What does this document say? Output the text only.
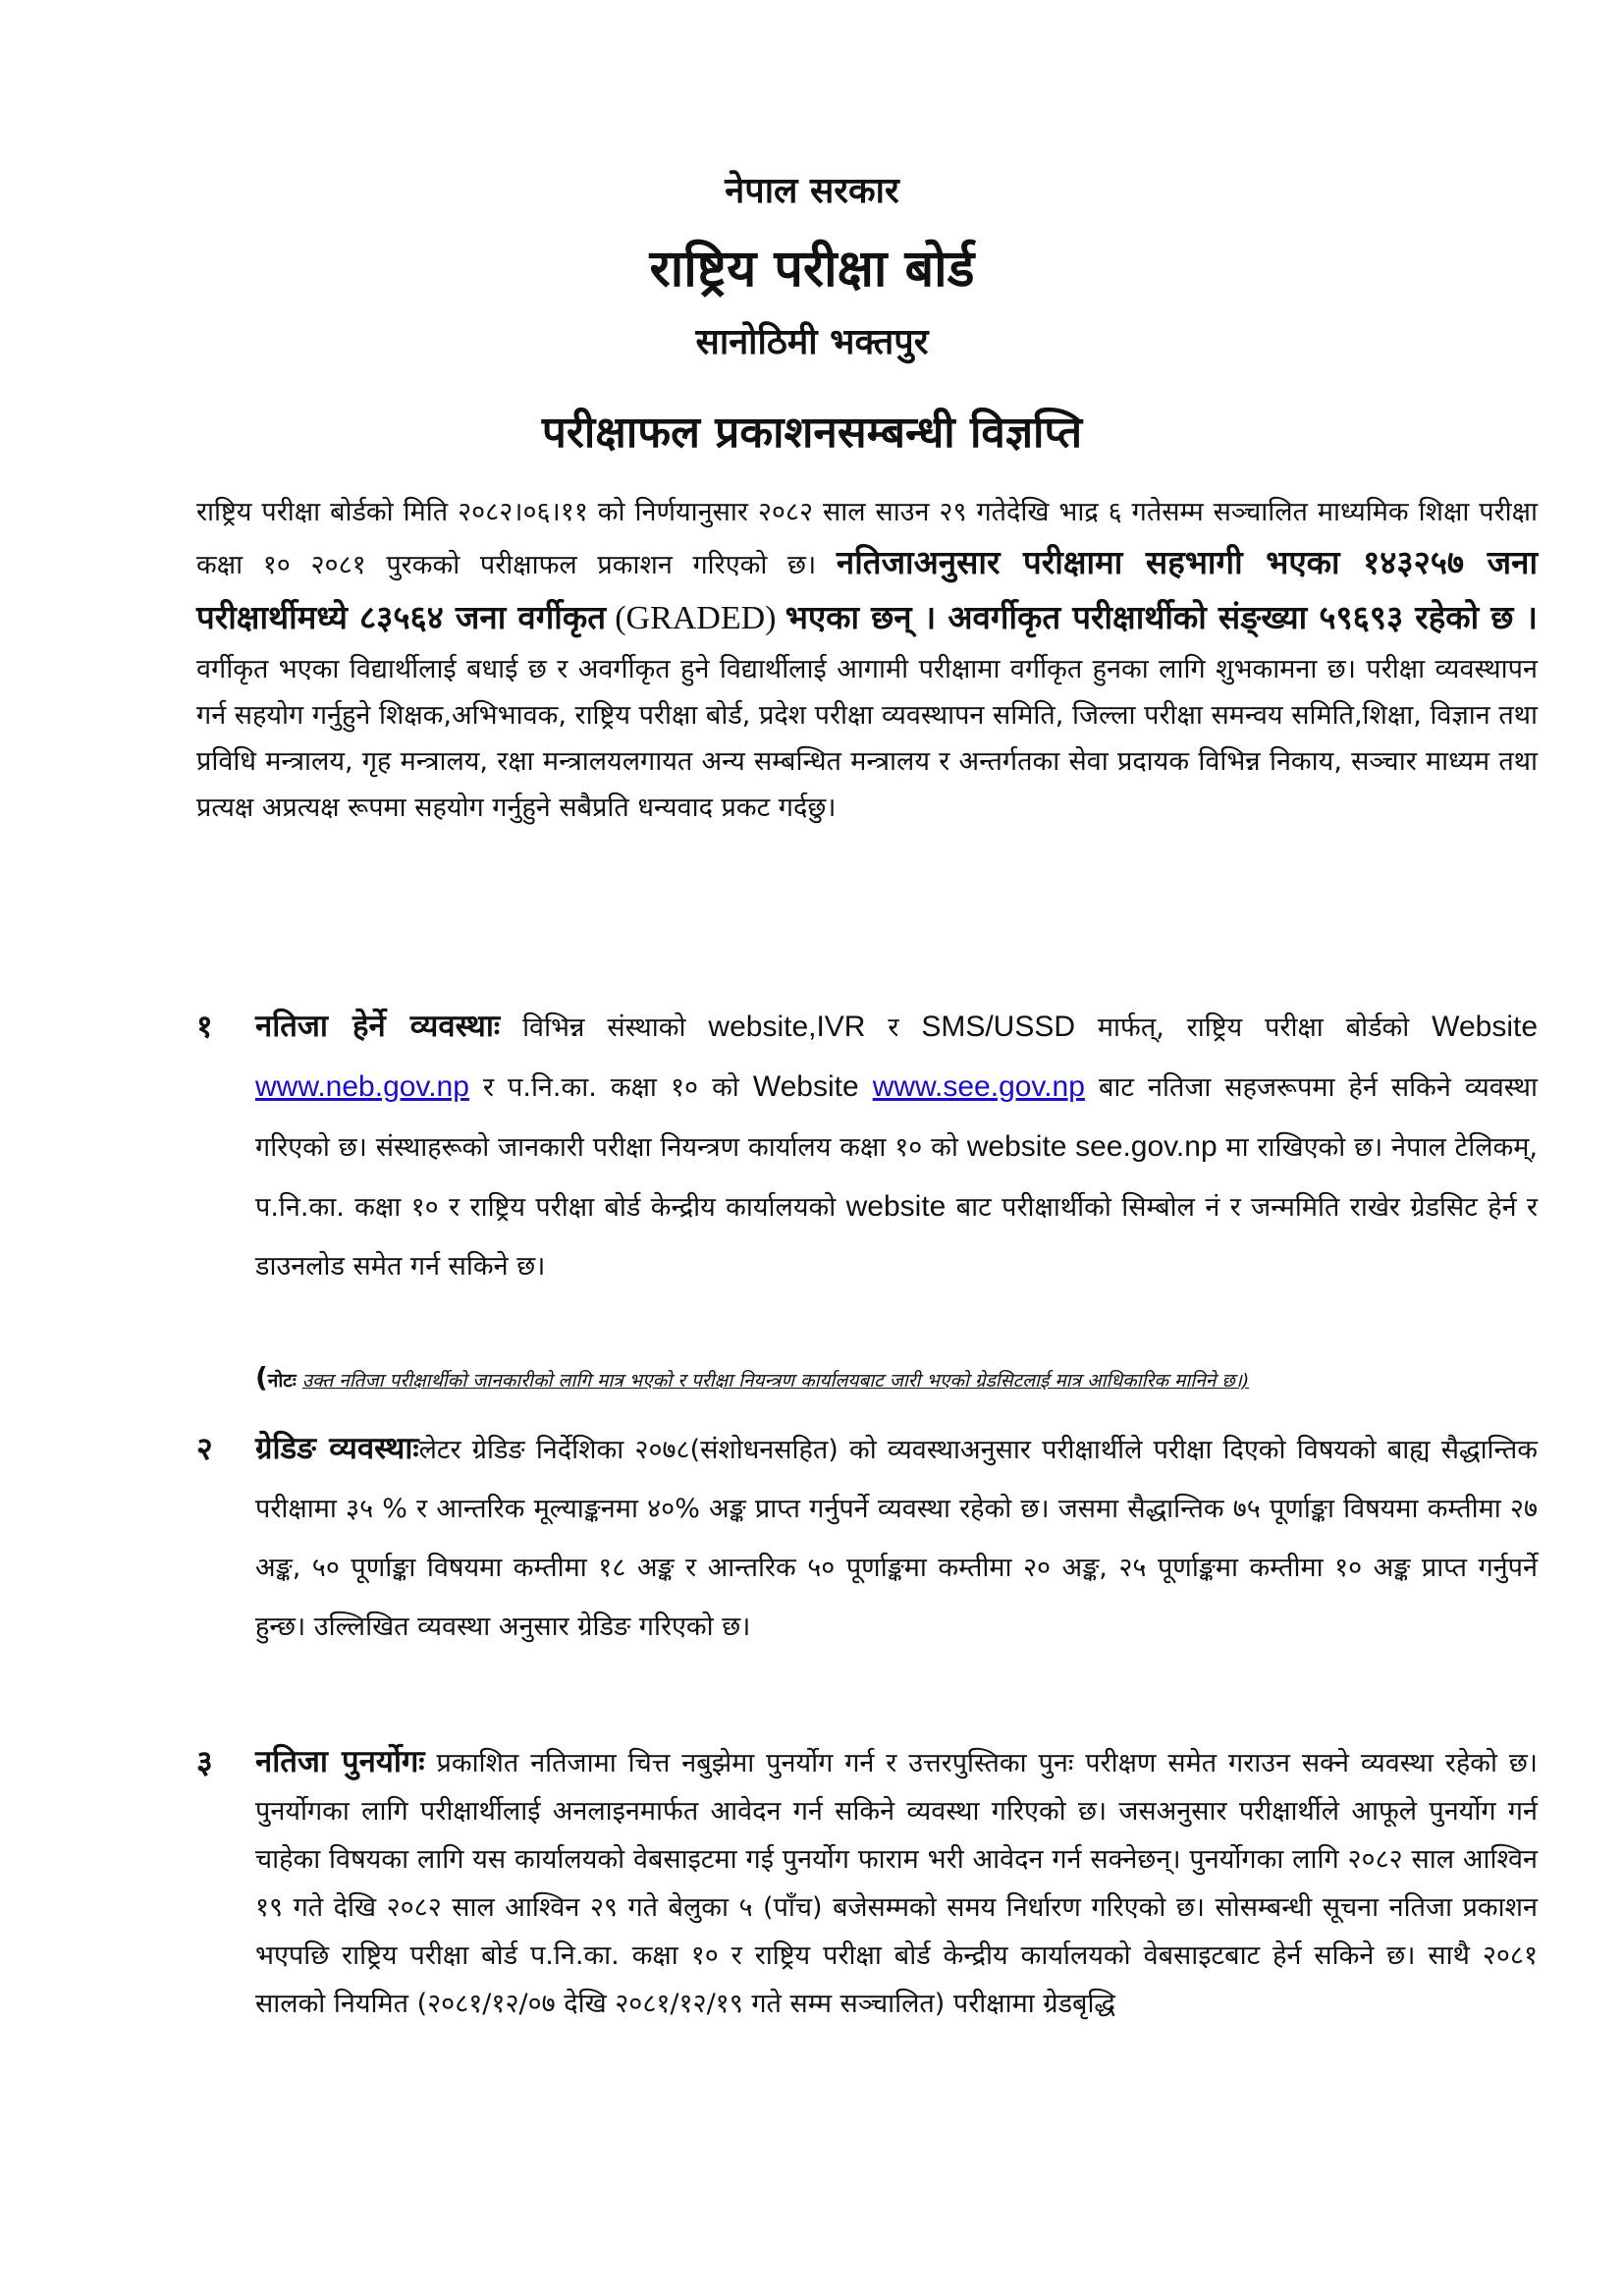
नेपाल सरकार
राष्ट्रिय परीक्षा बोर्ड
सानोठिमी भक्तपुर
परीक्षाफल प्रकाशनसम्बन्धी विज्ञप्ति
राष्ट्रिय परीक्षा बोर्डको मिति २०८२।०६।११ को निर्णयानुसार २०८२ साल साउन २९ गतेदेखि भाद्र ६ गतेसम्म सञ्चालित माध्यमिक शिक्षा परीक्षा कक्षा १० २०८१ पुरकको परीक्षाफल प्रकाशन गरिएको छ। नतिजाअनुसार परीक्षामा सहभागी भएका १४३२५७ जना परीक्षार्थीमध्ये ८३५६४ जना वर्गीकृत (GRADED) भएका छन् । अवर्गीकृत परीक्षार्थीको संङ्ख्या ५९६९३ रहेको छ । वर्गीकृत भएका विद्यार्थीलाई बधाई छ र अवर्गीकृत हुने विद्यार्थीलाई आगामी परीक्षामा वर्गीकृत हुनका लागि शुभकामना छ। परीक्षा व्यवस्थापन गर्न सहयोग गर्नुहुने शिक्षक,अभिभावक, राष्ट्रिय परीक्षा बोर्ड, प्रदेश परीक्षा व्यवस्थापन समिति, जिल्ला परीक्षा समन्वय समिति,शिक्षा, विज्ञान तथा प्रविधि मन्त्रालय, गृह मन्त्रालय, रक्षा मन्त्रालयलगायत अन्य सम्बन्धित मन्त्रालय र अन्तर्गतका सेवा प्रदायक विभिन्न निकाय, सञ्चार माध्यम तथा प्रत्यक्ष अप्रत्यक्ष रूपमा सहयोग गर्नुहुने सबैप्रति धन्यवाद प्रकट गर्दछु।
१	नतिजा हेर्ने व्यवस्थाः विभिन्न संस्थाको website,IVR र SMS/USSD मार्फत्, राष्ट्रिय परीक्षा बोर्डको Website www.neb.gov.np र प.नि.का. कक्षा १० को Website www.see.gov.np बाट नतिजा सहजरूपमा हेर्न सकिने व्यवस्था गरिएको छ। संस्थाहरूको जानकारी परीक्षा नियन्त्रण कार्यालय कक्षा १० को website see.gov.np मा राखिएको छ। नेपाल टेलिकम्, प.नि.का. कक्षा १० र राष्ट्रिय परीक्षा बोर्ड केन्द्रीय कार्यालयको website बाट परीक्षार्थीको सिम्बोल नं र जन्ममिति राखेर ग्रेडसिट हेर्न र डाउनलोड समेत गर्न सकिने छ।
(नोटः उक्त नतिजा परीक्षार्थीको जानकारीको लागि मात्र भएको र परीक्षा नियन्त्रण कार्यालयबाट जारी भएको ग्रेडसिटलाई मात्र आधिकारिक मानिने छ।)
२	ग्रेडिङ व्यवस्थाःलेटर ग्रेडिङ निर्देशिका २०७८(संशोधनसहित) को व्यवस्थाअनुसार परीक्षार्थीले परीक्षा दिएको विषयको बाह्य सैद्धान्तिक परीक्षामा ३५ % र आन्तरिक मूल्याङ्कनमा ४०% अङ्क प्राप्त गर्नुपर्ने व्यवस्था रहेको छ। जसमा सैद्धान्तिक ७५ पूर्णाङ्का विषयमा कम्तीमा २७ अङ्क, ५० पूर्णाङ्का विषयमा कम्तीमा १८ अङ्क र आन्तरिक ५० पूर्णाङ्कमा कम्तीमा २० अङ्क, २५ पूर्णाङ्कमा कम्तीमा १० अङ्क प्राप्त गर्नुपर्ने हुन्छ। उल्लिखित व्यवस्था अनुसार ग्रेडिङ गरिएको छ।
३	नतिजा पुनर्योगः प्रकाशित नतिजामा चित्त नबुझेमा पुनर्योग गर्न र उत्तरपुस्तिका पुनः परीक्षण समेत गराउन सक्ने व्यवस्था रहेको छ। पुनर्योगका लागि परीक्षार्थीलाई अनलाइनमार्फत आवेदन गर्न सकिने व्यवस्था गरिएको छ। जसअनुसार परीक्षार्थीले आफूले पुनर्योग गर्न चाहेका विषयका लागि यस कार्यालयको वेबसाइटमा गई पुनर्योग फाराम भरी आवेदन गर्न सक्नेछन्। पुनर्योगका लागि २०८२ साल आश्विन १९ गते देखि २०८२ साल आश्विन २९ गते बेलुका ५ (पाँच) बजेसम्मको समय निर्धारण गरिएको छ। सोसम्बन्धी सूचना नतिजा प्रकाशन भएपछि राष्ट्रिय परीक्षा बोर्ड प.नि.का. कक्षा १० र राष्ट्रिय परीक्षा बोर्ड केन्द्रीय कार्यालयको वेबसाइटबाट हेर्न सकिने छ। साथै २०८१ सालको नियमित (२०८१/१२/०७ देखि २०८१/१२/१९ गते सम्म सञ्चालित) परीक्षामा ग्रेडबृद्धि
